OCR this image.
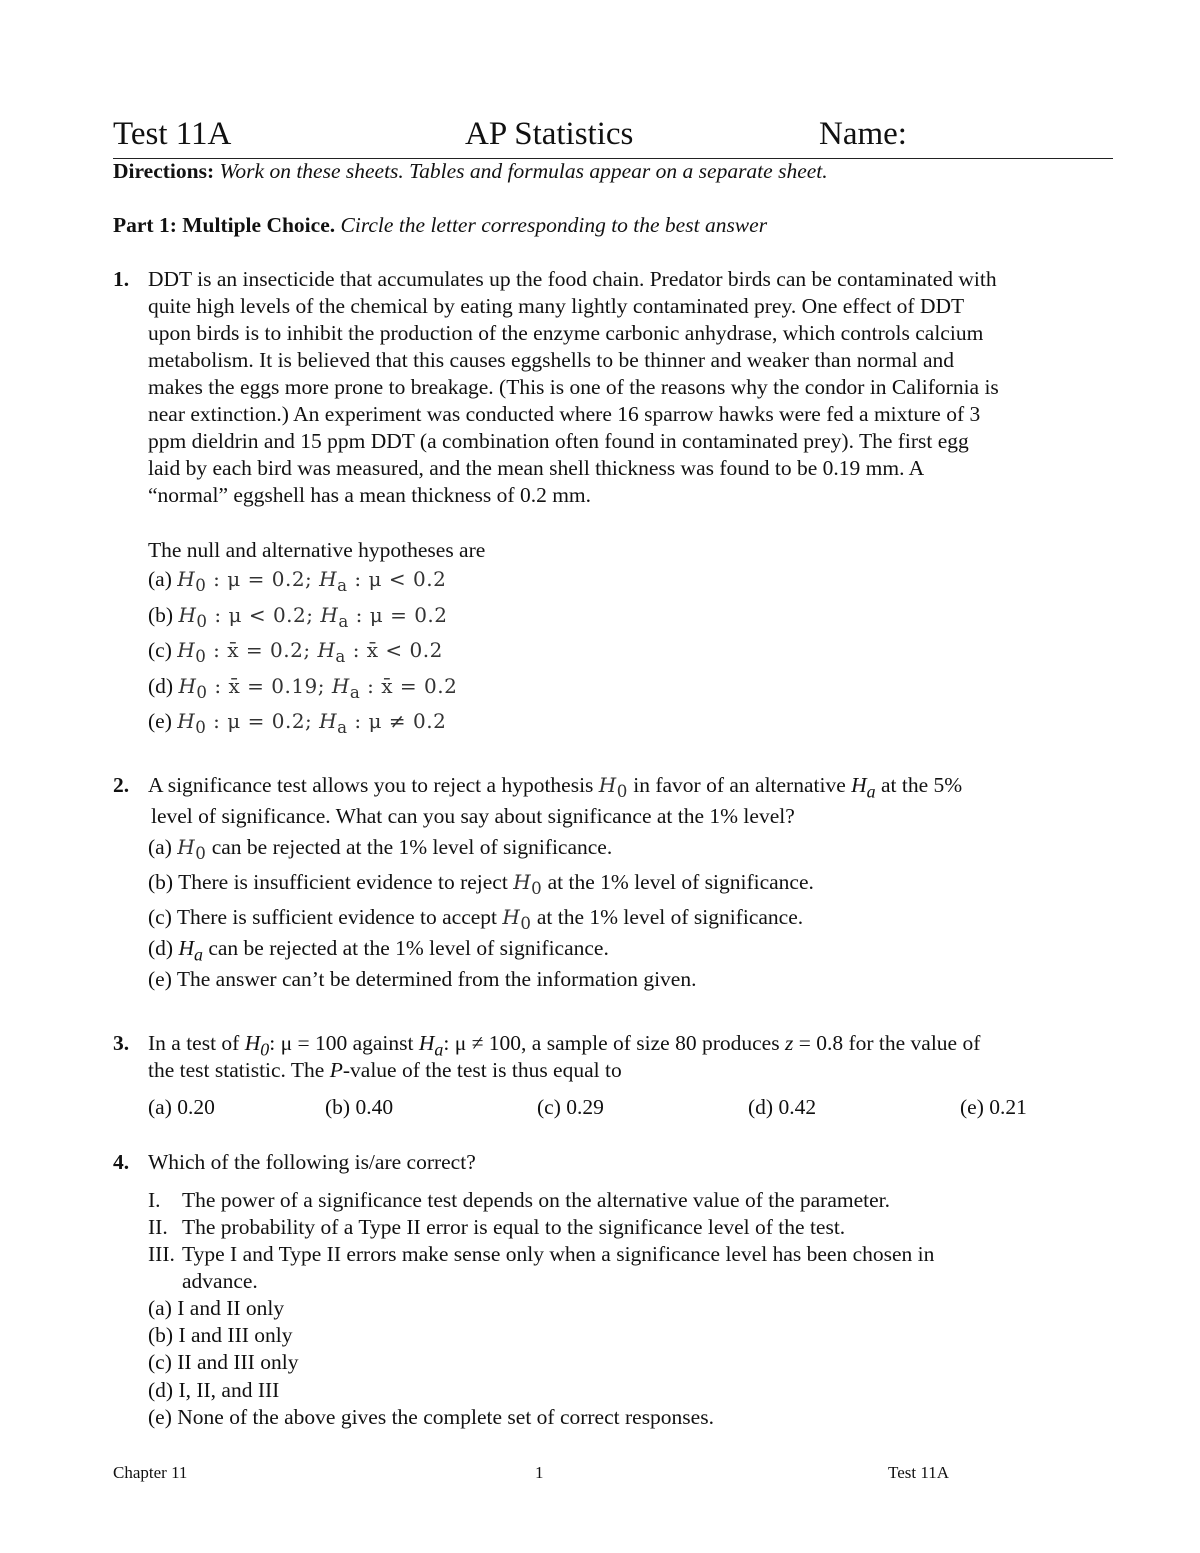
Test 11A	AP Statistics	Name:
Directions: Work on these sheets. Tables and formulas appear on a separate sheet.
Part 1: Multiple Choice. Circle the letter corresponding to the best answer
1. DDT is an insecticide that accumulates up the food chain. Predator birds can be contaminated with
quite high levels of the chemical by eating many lightly contaminated prey. One effect of DDT
upon birds is to inhibit the production of the enzyme carbonic anhydrase, which controls calcium
metabolism. It is believed that this causes eggshells to be thinner and weaker than normal and
makes the eggs more prone to breakage. (This is one of the reasons why the condor in California is
near extinction.) An experiment was conducted where 16 sparrow hawks were fed a mixture of 3
ppm dieldrin and 15 ppm DDT (a combination often found in contaminated prey). The first egg
laid by each bird was measured, and the mean shell thickness was found to be 0.19 mm. A
“normal” eggshell has a mean thickness of 0.2 mm.
The null and alternative hypotheses are
(a) $H_0$ : μ = 0.2; $H_a$ : μ < 0.2
(b) $H_0$ : μ < 0.2; $H_a$ : μ = 0.2
(c) $H_0$ : x̄ = 0.2; $H_a$ : x̄ < 0.2
(d) $H_0$ : x̄ = 0.19; $H_a$ : x̄ = 0.2
(e) $H_0$ : μ = 0.2; $H_a$ : μ ≠ 0.2
2. A significance test allows you to reject a hypothesis $H_0$ in favor of an alternative $H_a$ at the 5%
level of significance. What can you say about significance at the 1% level?
(a) $H_0$ can be rejected at the 1% level of significance.
(b) There is insufficient evidence to reject $H_0$ at the 1% level of significance.
(c) There is sufficient evidence to accept $H_0$ at the 1% level of significance.
(d) $H_a$ can be rejected at the 1% level of significance.
(e) The answer can’t be determined from the information given.
3. In a test of $H_0$: μ = 100 against $H_a$: μ ≠ 100, a sample of size 80 produces z = 0.8 for the value of
the test statistic. The P-value of the test is thus equal to
(a) 0.20	(b) 0.40	(c) 0.29	(d) 0.42	(e) 0.21
4. Which of the following is/are correct?
I. The power of a significance test depends on the alternative value of the parameter.
II. The probability of a Type II error is equal to the significance level of the test.
III. Type I and Type II errors make sense only when a significance level has been chosen in
advance.
(a) I and II only
(b) I and III only
(c) II and III only
(d) I, II, and III
(e) None of the above gives the complete set of correct responses.
Chapter 11	1	Test 11A
